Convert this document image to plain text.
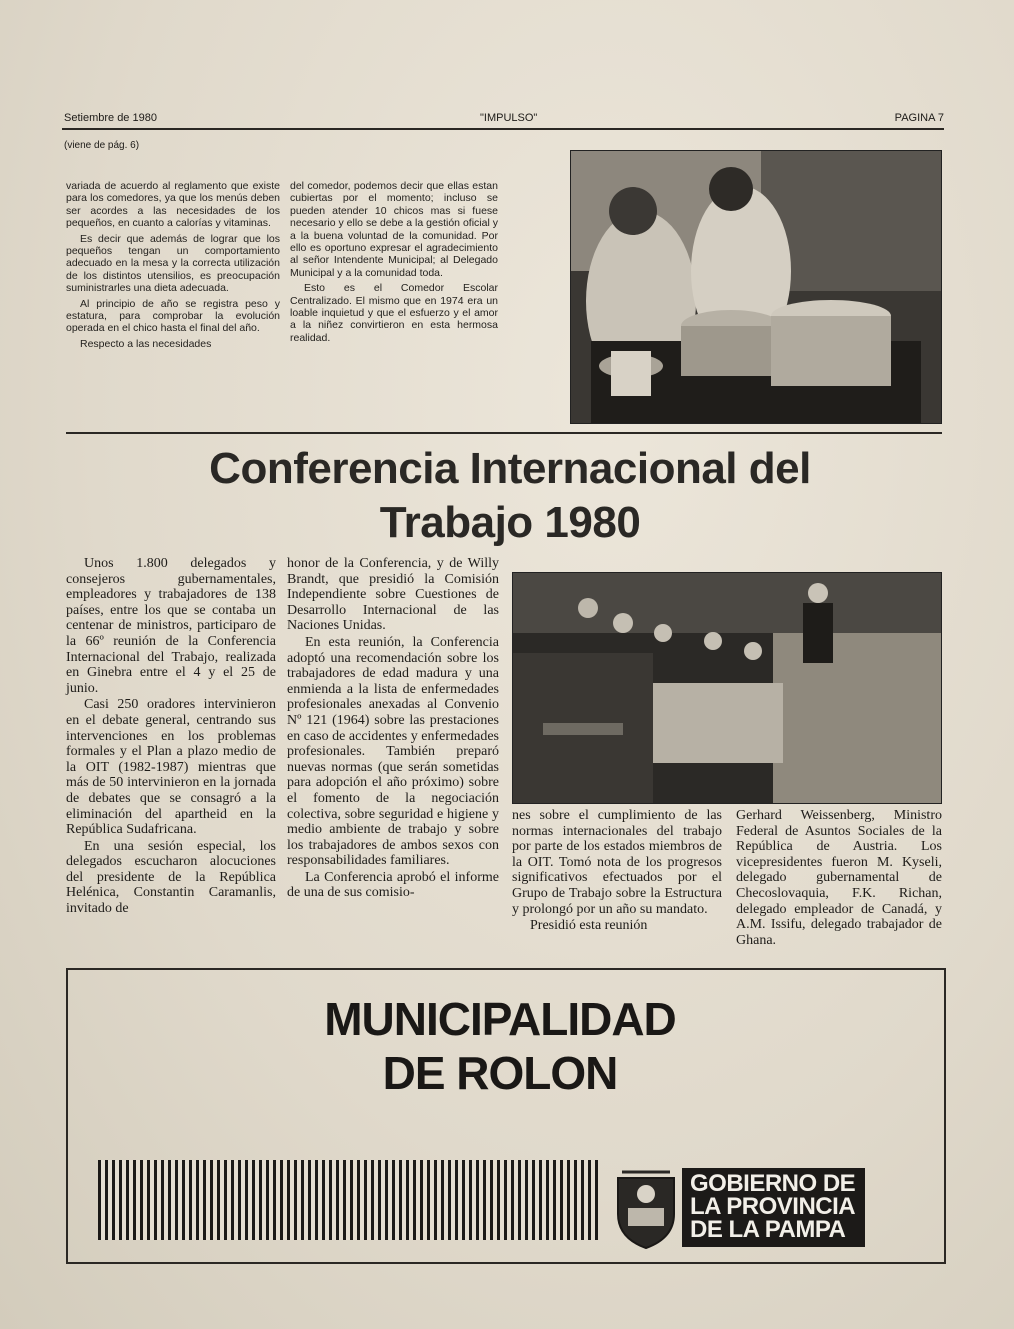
Setiembre de 1980	"IMPULSO"	PAGINA 7
(viene de pág. 6)

variada de acuerdo al reglamento que existe para los comedores, ya que los menús deben ser acordes a las necesidades de los pequeños, en cuanto a calorías y vitaminas.

Es decir que además de lograr que los pequeños tengan un comportamiento adecuado en la mesa y la correcta utilización de los distintos utensilios, es preocupación suministrarles una dieta adecuada.

Al principio de año se registra peso y estatura, para comprobar la evolución operada en el chico hasta el final del año.

Respecto a las necesidades

del comedor, podemos decir que ellas estan cubiertas por el momento; incluso se pueden atender 10 chicos mas si fuese necesario y ello se debe a la gestión oficial y a la buena voluntad de la comunidad. Por ello es oportuno expresar el agradecimiento al señor Intendente Municipal; al Delegado Municipal y a la comunidad toda.

Esto es el Comedor Escolar Centralizado. El mismo que en 1974 era un loable inquietud y que el esfuerzo y el amor a la niñez convirtieron en esta hermosa realidad.

Conferencia Internacional del
Trabajo 1980

Unos 1.800 delegados y consejeros gubernamentales, empleadores y trabajadores de 138 países, entre los que se contaba un centenar de ministros, participaro de la 66º reunión de la Conferencia Internacional del Trabajo, realizada en Ginebra entre el 4 y el 25 de junio.

Casi 250 oradores intervinieron en el debate general, centrando sus intervenciones en los problemas formales y el Plan a plazo medio de la OIT (1982-1987) mientras que más de 50 intervinieron en la jornada de debates que se consagró a la eliminación del apartheid en la República Sudafricana.

En una sesión especial, los delegados escucharon alocuciones del presidente de la República Helénica, Constantin Caramanlis, invitado de

honor de la Conferencia, y de Willy Brandt, que presidió la Comisión Independiente sobre Cuestiones de Desarrollo Internacional de las Naciones Unidas.

En esta reunión, la Conferencia adoptó una recomendación sobre los trabajadores de edad madura y una enmienda a la lista de enfermedades profesionales anexadas al Convenio Nº 121 (1964) sobre las prestaciones en caso de accidentes y enfermedades profesionales. También preparó nuevas normas (que serán sometidas para adopción el año próximo) sobre el fomento de la negociación colectiva, sobre seguridad e higiene y medio ambiente de trabajo y sobre los trabajadores de ambos sexos con responsabilidades familiares.

La Conferencia aprobó el informe de una de sus comisio-

nes sobre el cumplimiento de las normas internacionales del trabajo por parte de los estados miembros de la OIT. Tomó nota de los progresos significativos efectuados por el Grupo de Trabajo sobre la Estructura y prolongó por un año su mandato.

Presidió esta reunión

Gerhard Weissenberg, Ministro Federal de Asuntos Sociales de la República de Austria. Los vicepresidentes fueron M. Kyseli, delegado gubernamental de Checoslovaquia, F.K. Richan, delegado empleador de Canadá, y A.M. Issifu, delegado trabajador de Ghana.

MUNICIPALIDAD
DE ROLON
GOBIERNO DE
LA PROVINCIA
DE LA PAMPA
